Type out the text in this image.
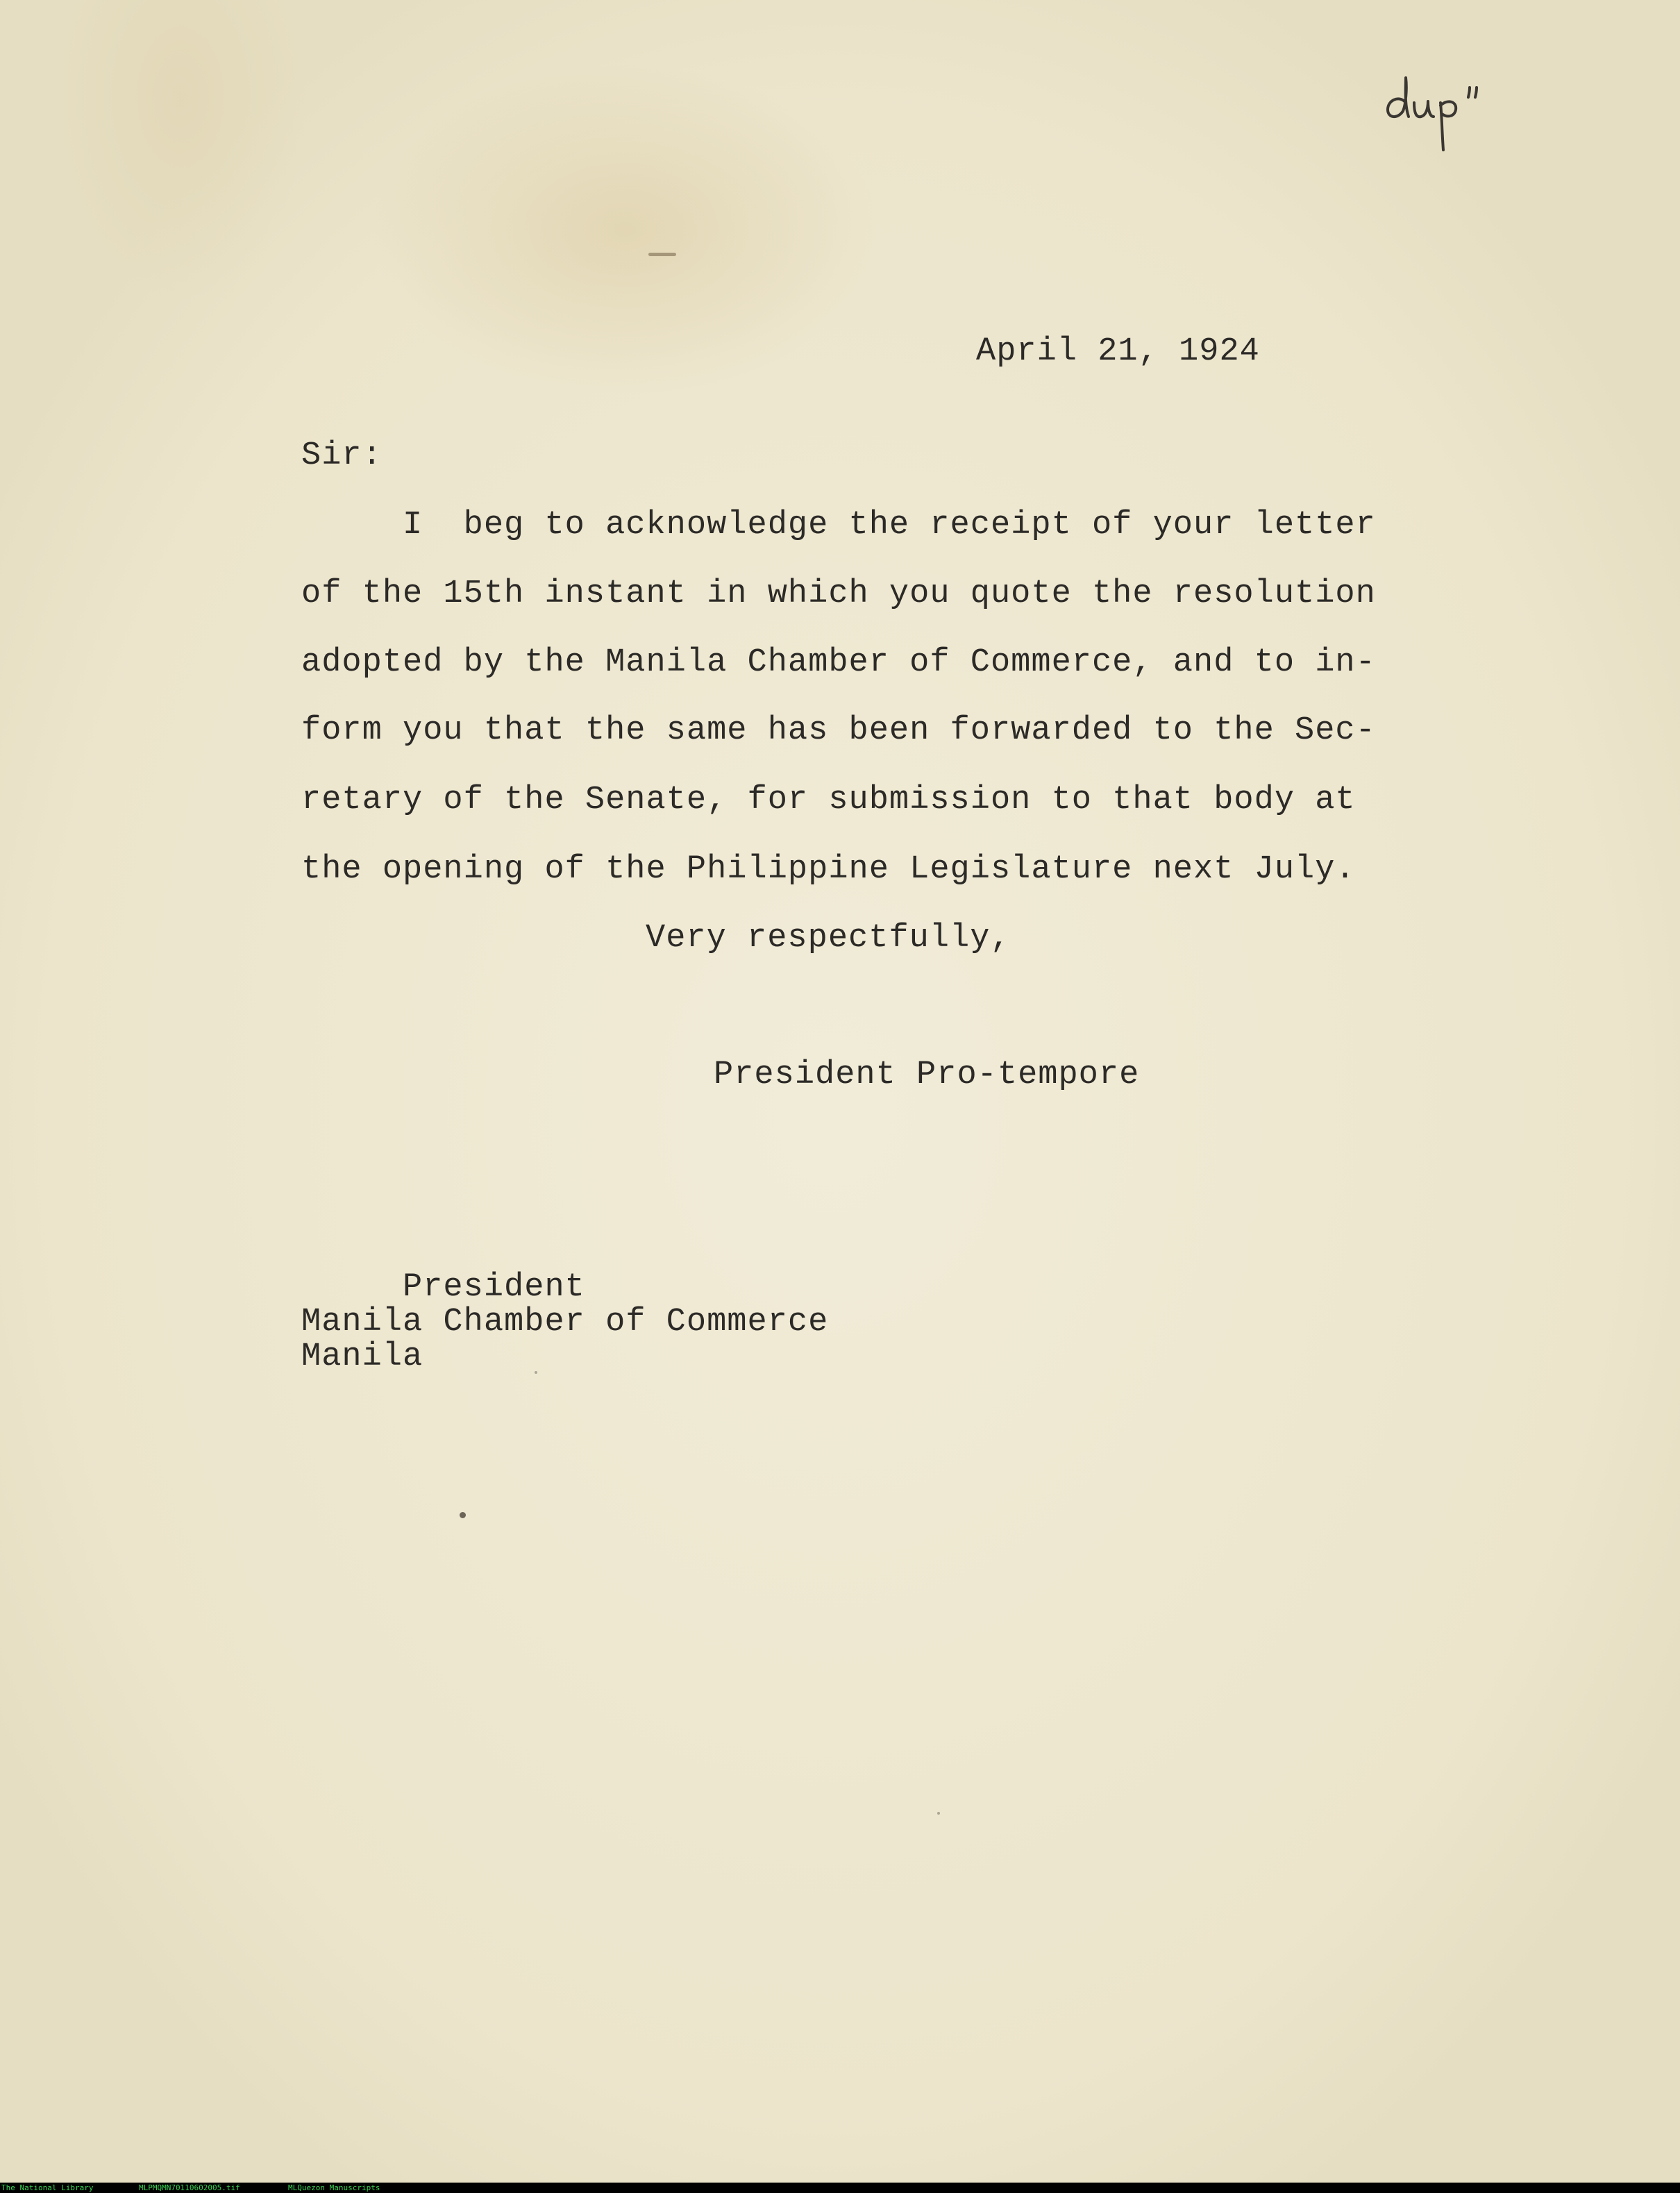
April 21, 1924
Sir:
I  beg to acknowledge the receipt of your letter
of the 15th instant in which you quote the resolution
adopted by the Manila Chamber of Commerce, and to in-
form you that the same has been forwarded to the Sec-
retary of the Senate, for submission to that body at
the opening of the Philippine Legislature next July.
Very respectfully,
President Pro-tempore
President
Manila Chamber of Commerce
Manila
The National Library	MLPMQMN70110602005.tif	MLQuezon Manuscripts
